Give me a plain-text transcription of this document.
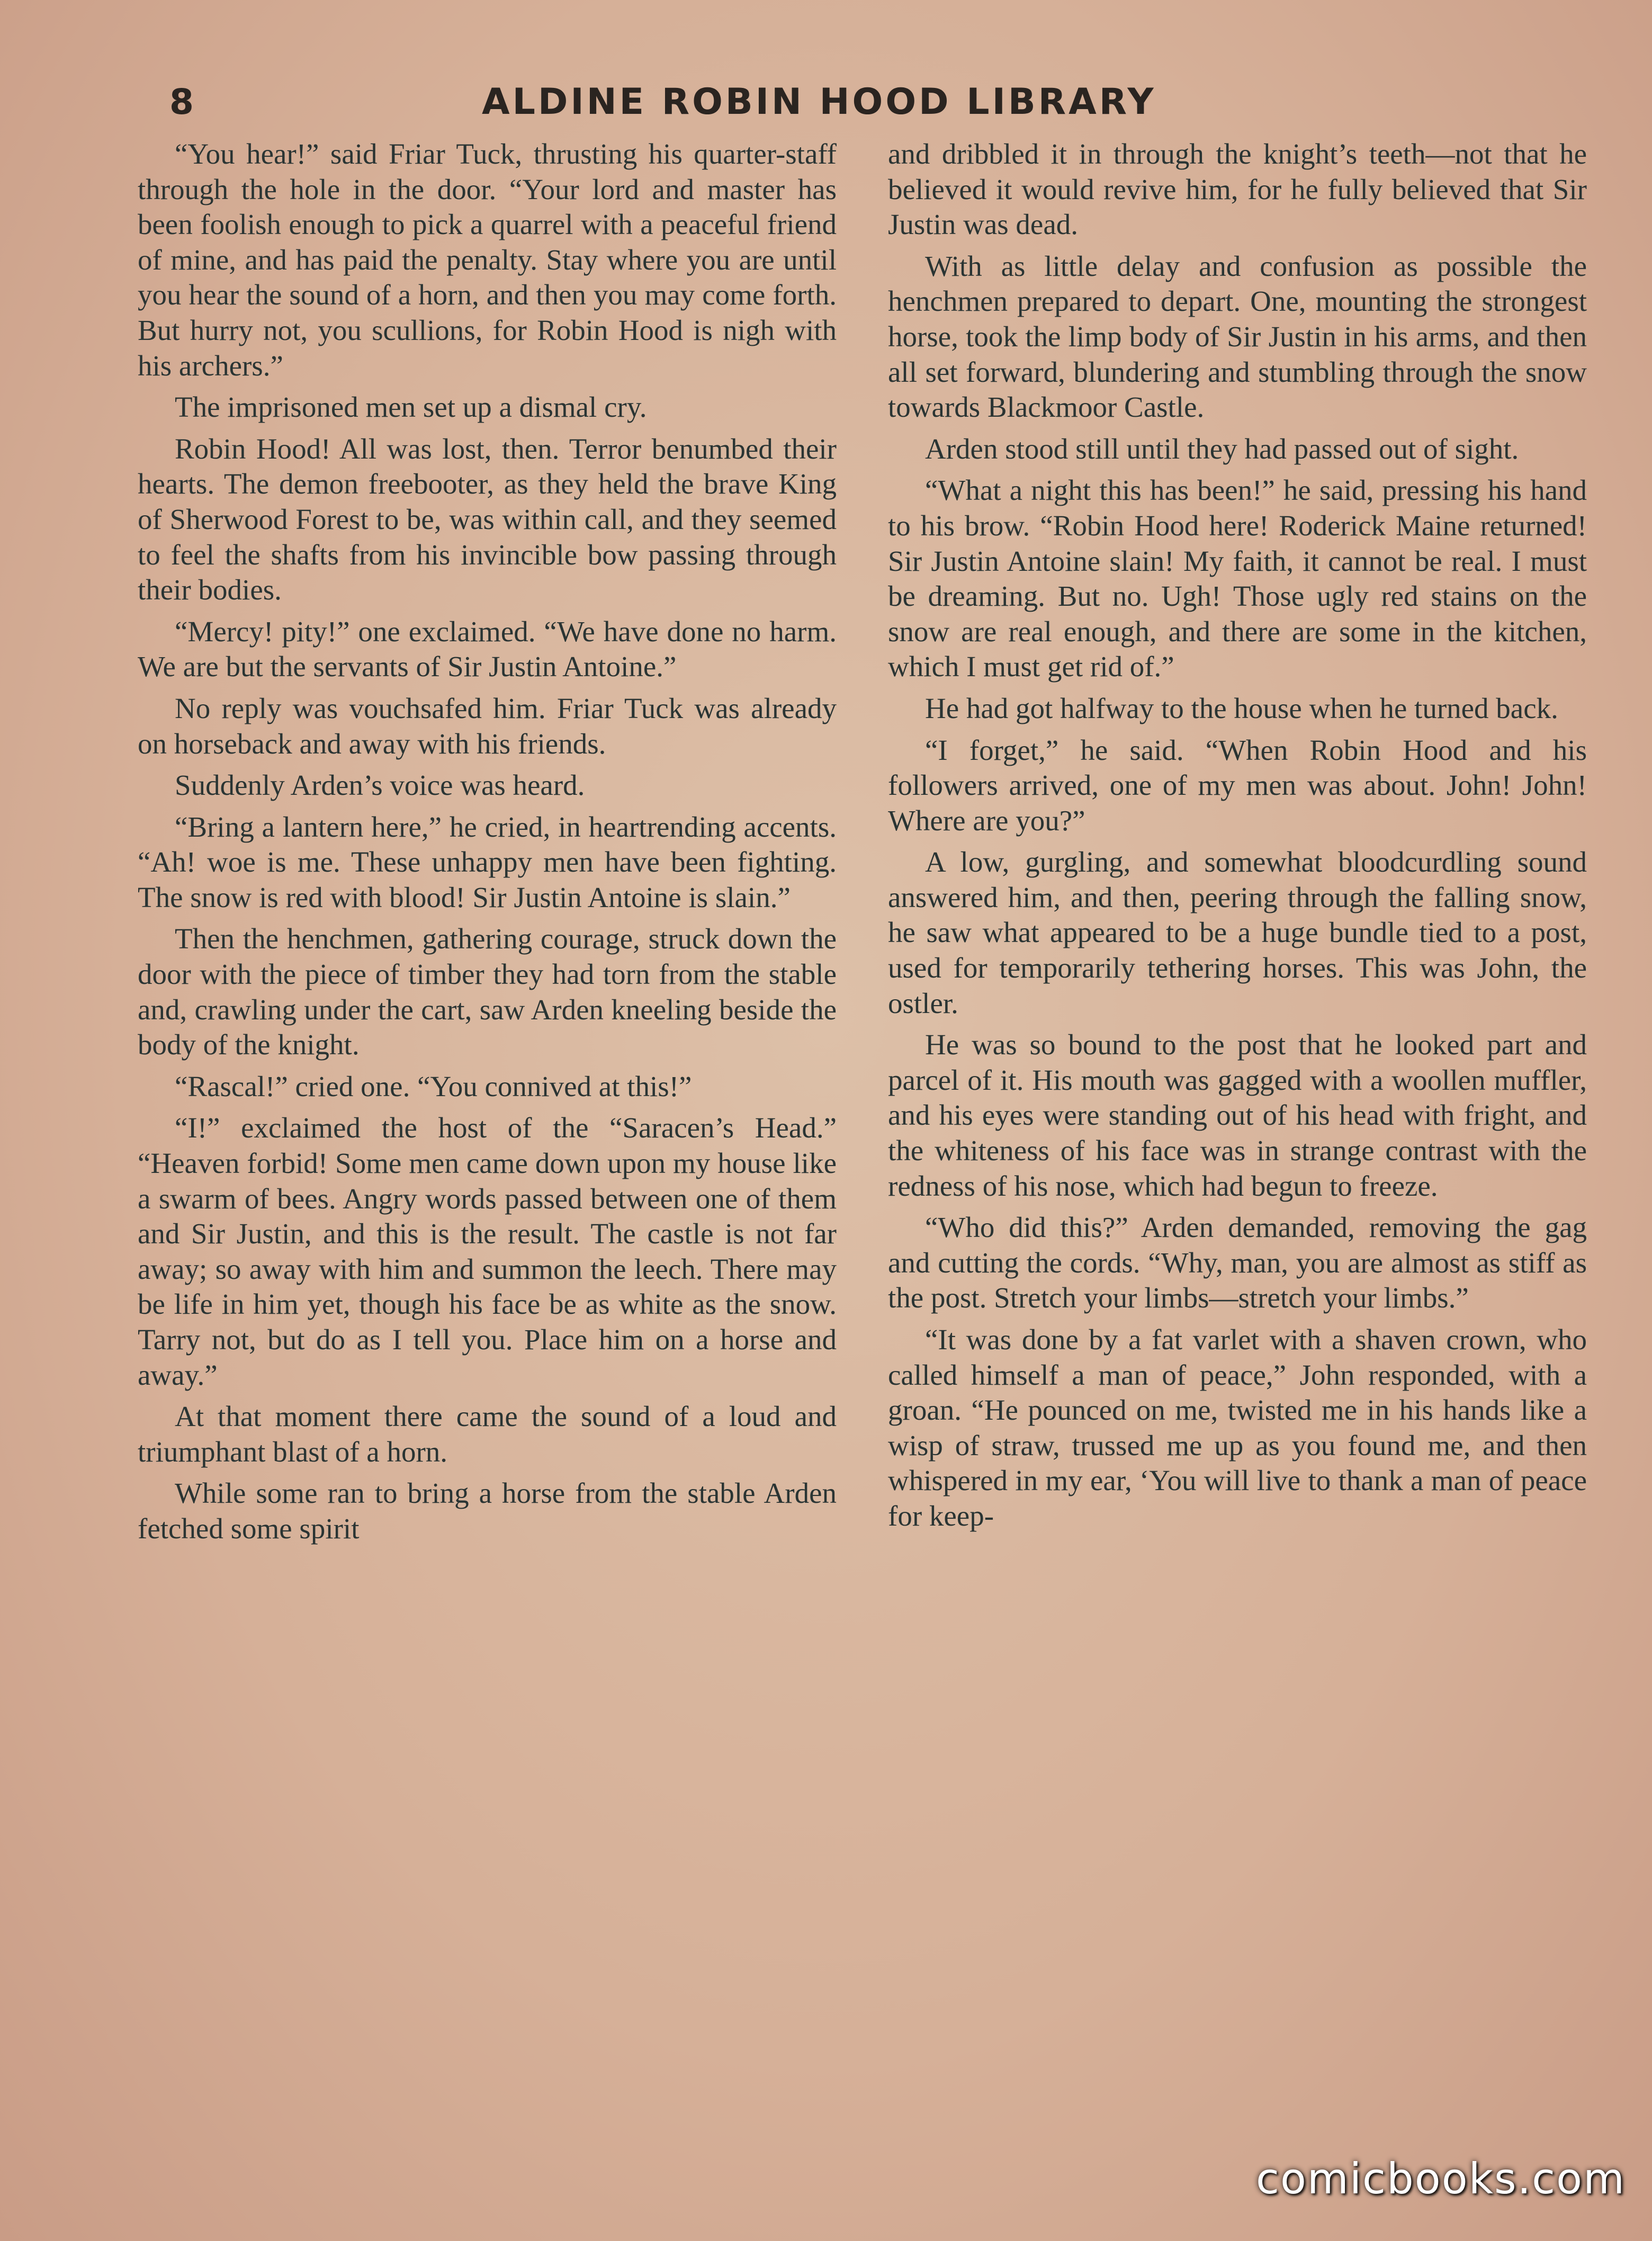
8	ALDINE ROBIN HOOD LIBRARY

“You hear!” said Friar Tuck, thrusting his quarter-staff through the hole in the door. “Your lord and master has been foolish enough to pick a quarrel with a peaceful friend of mine, and has paid the penalty. Stay where you are until you hear the sound of a horn, and then you may come forth. But hurry not, you scullions, for Robin Hood is nigh with his archers.”

The imprisoned men set up a dismal cry.

Robin Hood! All was lost, then. Terror benumbed their hearts. The demon freebooter, as they held the brave King of Sherwood Forest to be, was within call, and they seemed to feel the shafts from his invincible bow passing through their bodies.

“Mercy! pity!” one exclaimed. “We have done no harm. We are but the servants of Sir Justin Antoine.”

No reply was vouchsafed him. Friar Tuck was already on horseback and away with his friends.

Suddenly Arden’s voice was heard.

“Bring a lantern here,” he cried, in heartrending accents. “Ah! woe is me. These unhappy men have been fighting. The snow is red with blood! Sir Justin Antoine is slain.”

Then the henchmen, gathering courage, struck down the door with the piece of timber they had torn from the stable and, crawling under the cart, saw Arden kneeling beside the body of the knight.

“Rascal!” cried one. “You connived at this!”

“I!” exclaimed the host of the “Saracen’s Head.” “Heaven forbid! Some men came down upon my house like a swarm of bees. Angry words passed between one of them and Sir Justin, and this is the result. The castle is not far away; so away with him and summon the leech. There may be life in him yet, though his face be as white as the snow. Tarry not, but do as I tell you. Place him on a horse and away.”

At that moment there came the sound of a loud and triumphant blast of a horn.

While some ran to bring a horse from the stable Arden fetched some spirit

and dribbled it in through the knight’s teeth—not that he believed it would revive him, for he fully believed that Sir Justin was dead.

With as little delay and confusion as possible the henchmen prepared to depart. One, mounting the strongest horse, took the limp body of Sir Justin in his arms, and then all set forward, blundering and stumbling through the snow towards Blackmoor Castle.

Arden stood still until they had passed out of sight.

“What a night this has been!” he said, pressing his hand to his brow. “Robin Hood here! Roderick Maine returned! Sir Justin Antoine slain! My faith, it cannot be real. I must be dreaming. But no. Ugh! Those ugly red stains on the snow are real enough, and there are some in the kitchen, which I must get rid of.”

He had got halfway to the house when he turned back.

“I forget,” he said. “When Robin Hood and his followers arrived, one of my men was about. John! John! Where are you?”

A low, gurgling, and somewhat bloodcurdling sound answered him, and then, peering through the falling snow, he saw what appeared to be a huge bundle tied to a post, used for temporarily tethering horses. This was John, the ostler.

He was so bound to the post that he looked part and parcel of it. His mouth was gagged with a woollen muffler, and his eyes were standing out of his head with fright, and the whiteness of his face was in strange contrast with the redness of his nose, which had begun to freeze.

“Who did this?” Arden demanded, removing the gag and cutting the cords. “Why, man, you are almost as stiff as the post. Stretch your limbs—stretch your limbs.”

“It was done by a fat varlet with a shaven crown, who called himself a man of peace,” John responded, with a groan. “He pounced on me, twisted me in his hands like a wisp of straw, trussed me up as you found me, and then whispered in my ear, ‘You will live to thank a man of peace for keep-

comicbooks.com
